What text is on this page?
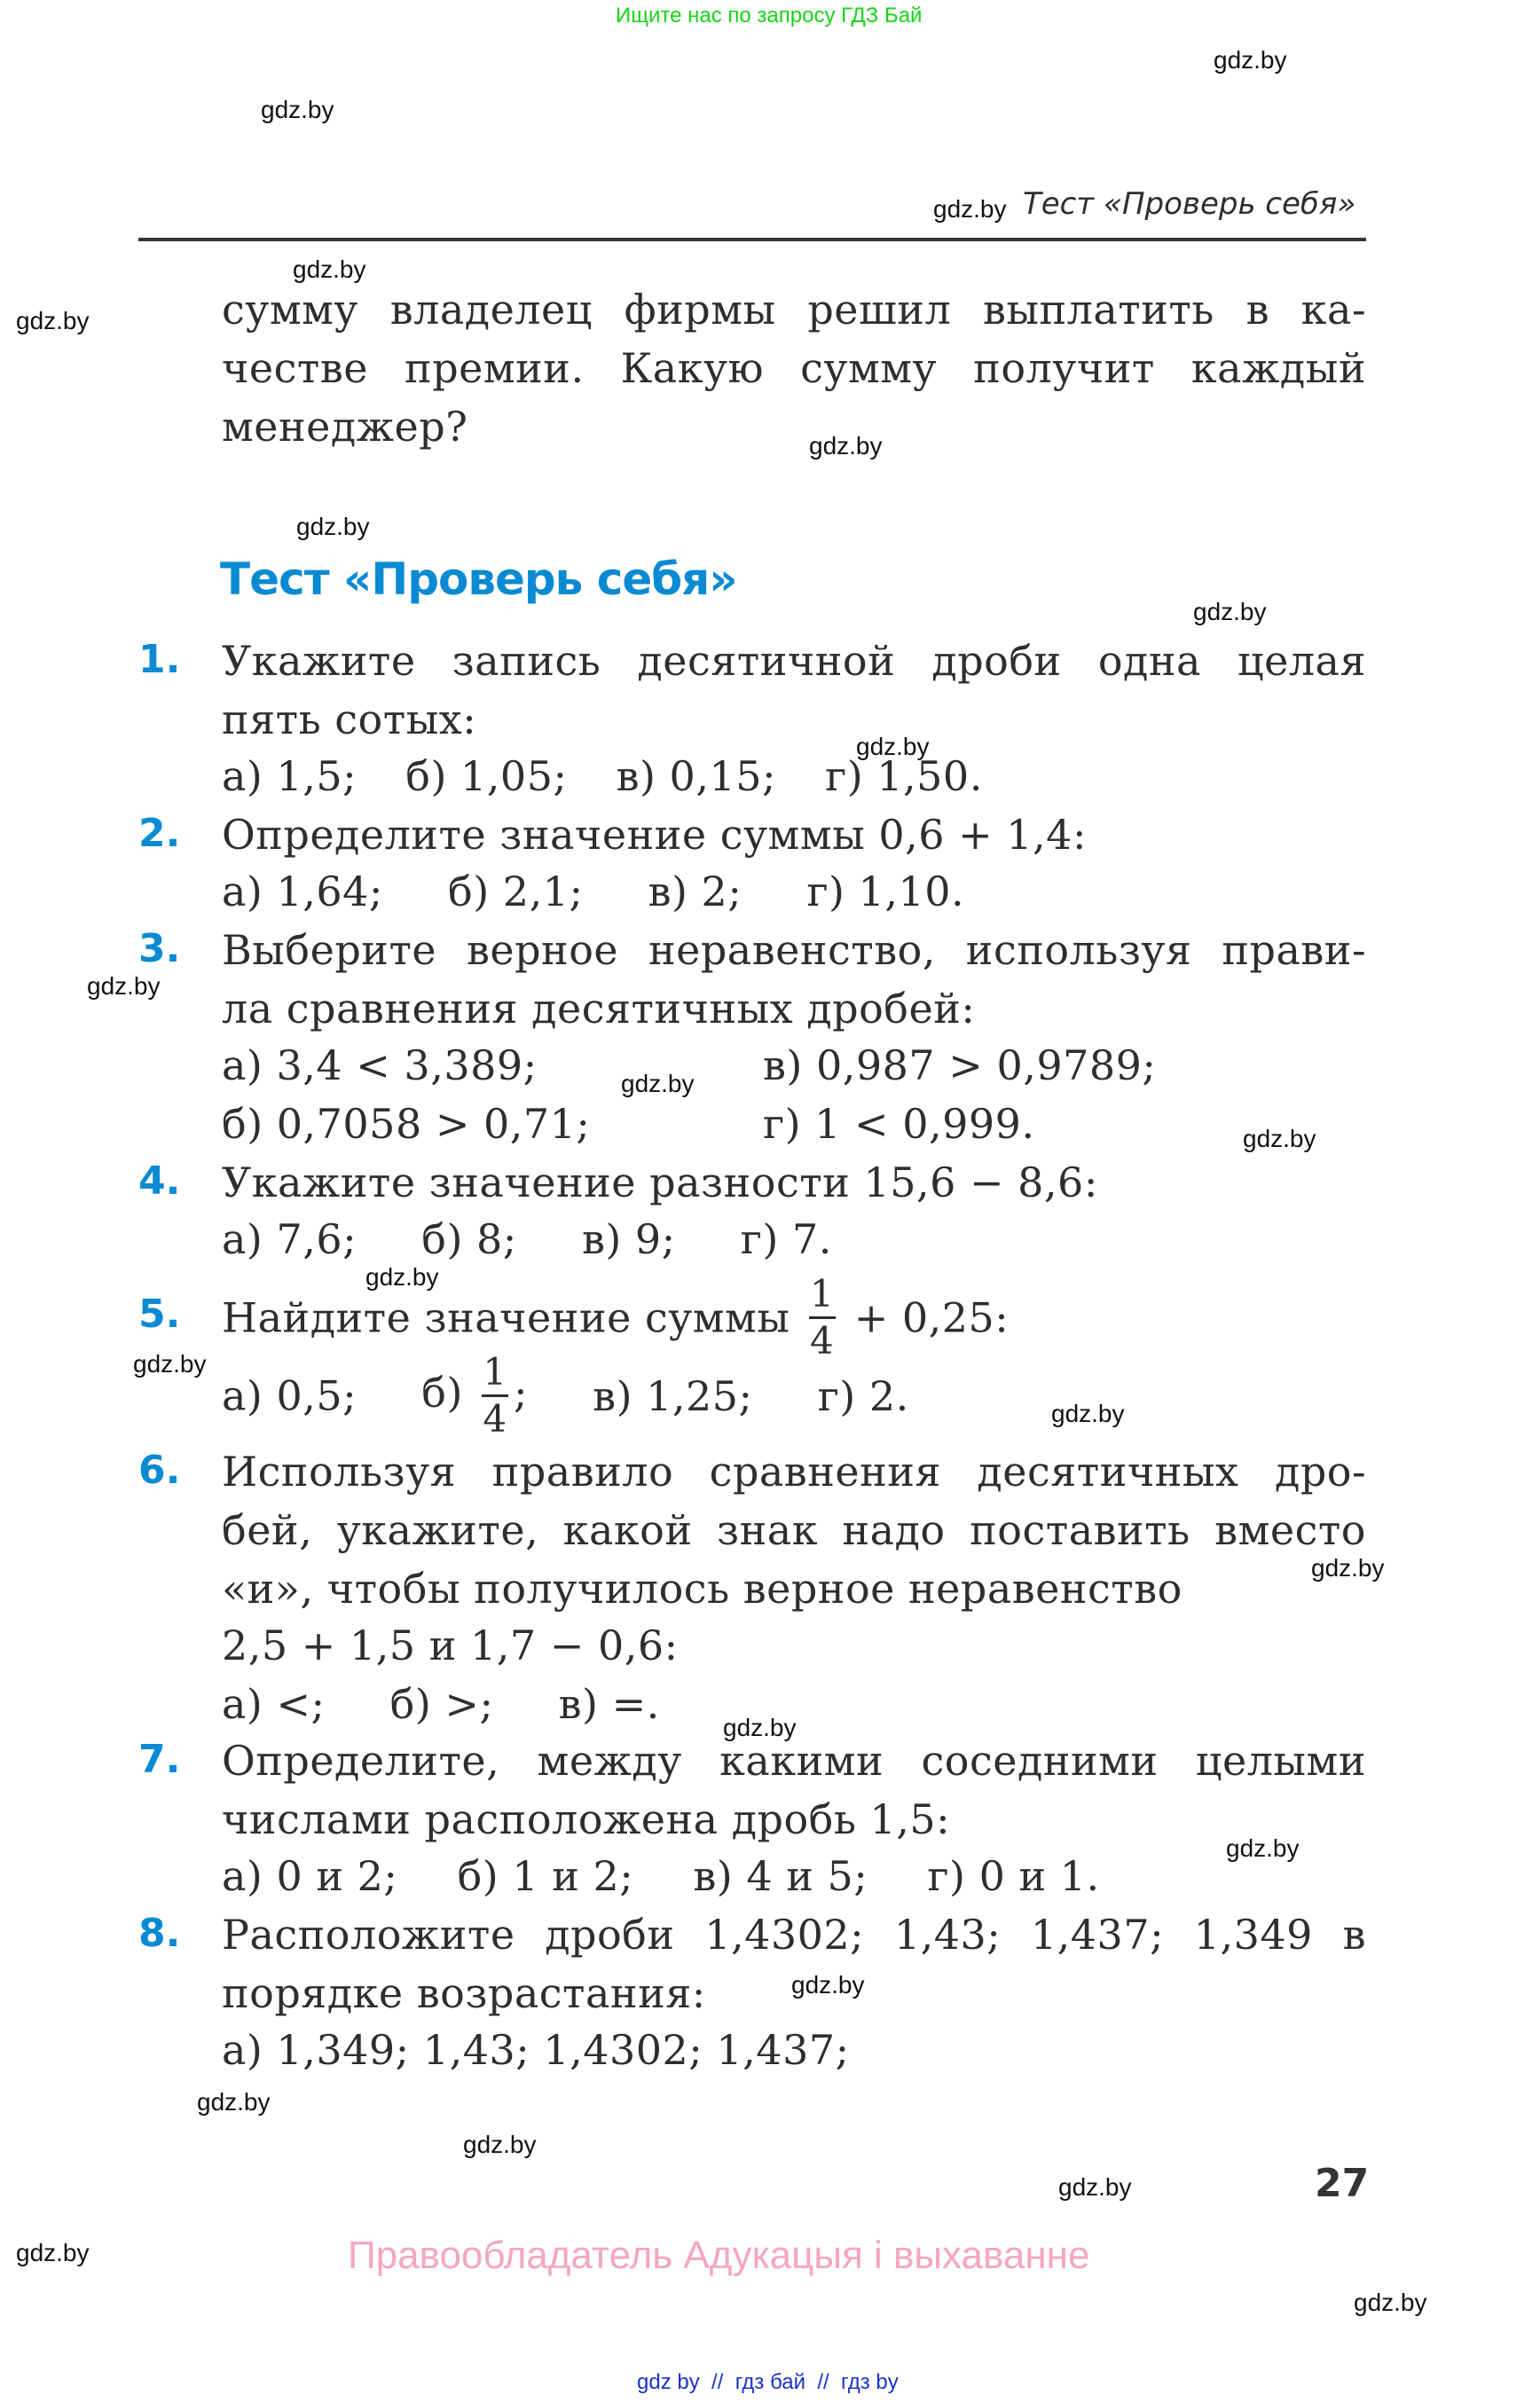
Ищите нас по запросу ГДЗ Бай
gdz.by
gdz.by
gdz.by Тест «Проверь себя»
gdz.by
gdz.by	сумму владелец фирмы решил выплатить в ка-
честве премии. Какую сумму получит каждый
менеджер?	gdz.by
gdz.by
Тест «Проверь себя»
gdz.by
1. Укажите запись десятичной дроби одна целая
пять сотых:
gdz.by
а) 1,5; б) 1,05; в) 0,15; г) 1,50.
2. Определите значение суммы 0,6 + 1,4:
а) 1,64; б) 2,1; в) 2; г) 1,10.
3.
gdz.by
Выберите верное неравенство, используя прави-
ла сравнения десятичных дробей:
а) 3,4 < 3,389;	gdz.by в) 0,987 > 0,9789;
б) 0,7058 > 0,71;	г) 1 < 0,999.	gdz.by
4. Укажите значение разности 15,6 − 8,6:
а) 7,6; б) 8; в) 9; г) 7.
gdz.by
5. Найдите значение суммы $\frac{1}{4} + 0,25$:
gdz.by
а) 0,5; $б) \frac{1}{4}$ ; в) 1,25; г) 2.	gdz.by
6. Используя правило сравнения десятичных дро-
бей, укажите, какой знак надо поставить вместо
gdz.by
«и», чтобы получилось верное неравенство
2,5 + 1,5 и 1,7 − 0,6:
а) <; б) >; в) =.	gdz.by
7. Определите, между какими соседними целыми
числами расположена дробь 1,5:
gdz.by
а) 0 и 2; б) 1 и 2; в) 4 и 5; г) 0 и 1.
8. Расположите дроби 1,4302; 1,43; 1,437; 1,349 в
порядке возрастания:	gdz.by
а) 1,349; 1,43; 1,4302; 1,437;
gdz.by
gdz.by
gdz.by	27
gdz.by	Правообладатель Адукацыя і выхаванне
gdz.by
gdz by  //  гдз бай  //  гдз by
